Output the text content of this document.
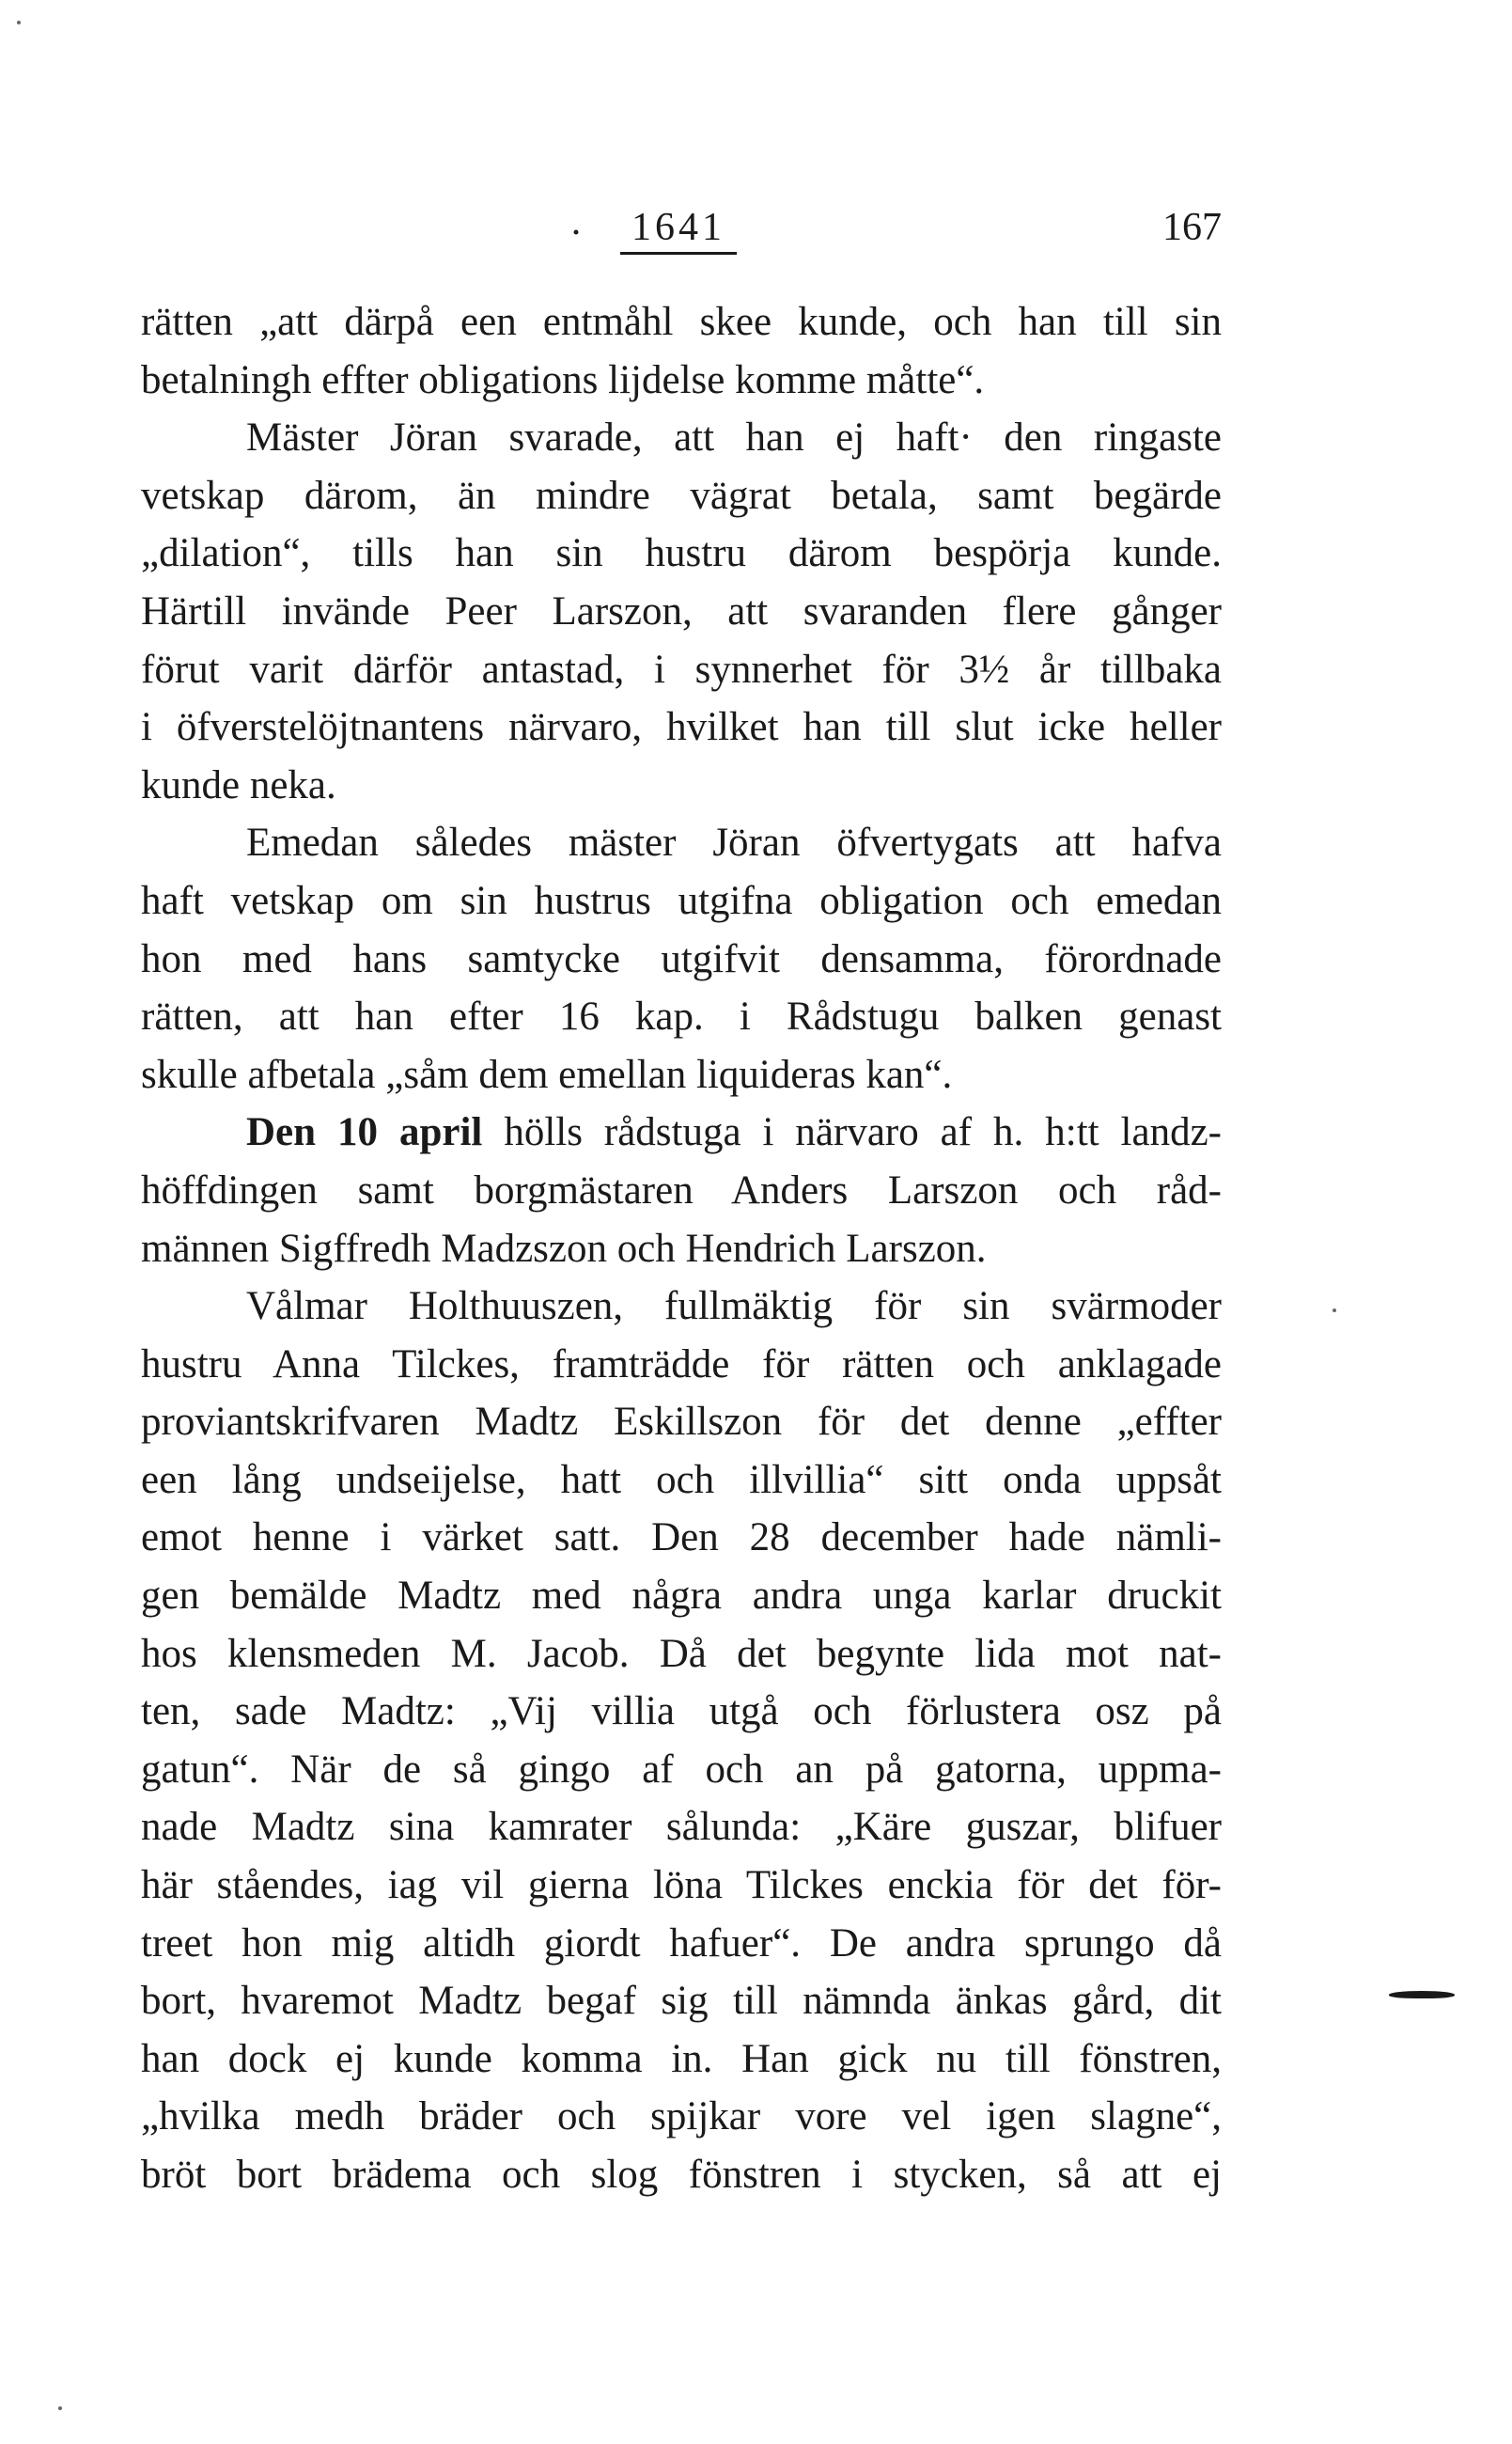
· 1641	167
rätten „att därpå een entmåhl skee kunde, och han till sin
betalningh effter obligations lijdelse komme måtte“.
Mäster Jöran svarade, att han ej haft· den ringaste
vetskap därom, än mindre vägrat betala, samt begärde
„dilation“, tills han sin hustru därom bespörja kunde.
Härtill invände Peer Larszon, att svaranden flere gånger
förut varit därför antastad, i synnerhet för 3½ år tillbaka
i öfverstelöjtnantens närvaro, hvilket han till slut icke heller
kunde neka.
Emedan således mäster Jöran öfvertygats att hafva
haft vetskap om sin hustrus utgifna obligation och emedan
hon med hans samtycke utgifvit densamma, förordnade
rätten, att han efter 16 kap. i Rådstugu balken genast
skulle afbetala „såm dem emellan liquideras kan“.
Den 10 april hölls rådstuga i närvaro af h. h:tt landz-
höffdingen samt borgmästaren Anders Larszon och råd-
männen Sigffredh Madzszon och Hendrich Larszon.
Vålmar Holthuuszen, fullmäktig för sin svärmoder
hustru Anna Tilckes, framträdde för rätten och anklagade
proviantskrifvaren Madtz Eskillszon för det denne „effter
een lång undseijelse, hatt och illvillia“ sitt onda uppsåt
emot henne i värket satt. Den 28 december hade nämli-
gen bemälde Madtz med några andra unga karlar druckit
hos klensmeden M. Jacob. Då det begynte lida mot nat-
ten, sade Madtz: „Vij villia utgå och förlustera osz på
gatun“. När de så gingo af och an på gatorna, uppma-
nade Madtz sina kamrater sålunda: „Käre guszar, blifuer
här ståendes, iag vil gierna löna Tilckes enckia för det för-
treet hon mig altidh giordt hafuer“. De andra sprungo då
bort, hvaremot Madtz begaf sig till nämnda änkas gård, dit
han dock ej kunde komma in. Han gick nu till fönstren,
„hvilka medh bräder och spijkar vore vel igen slagne“,
bröt bort brädema och slog fönstren i stycken, så att ej
